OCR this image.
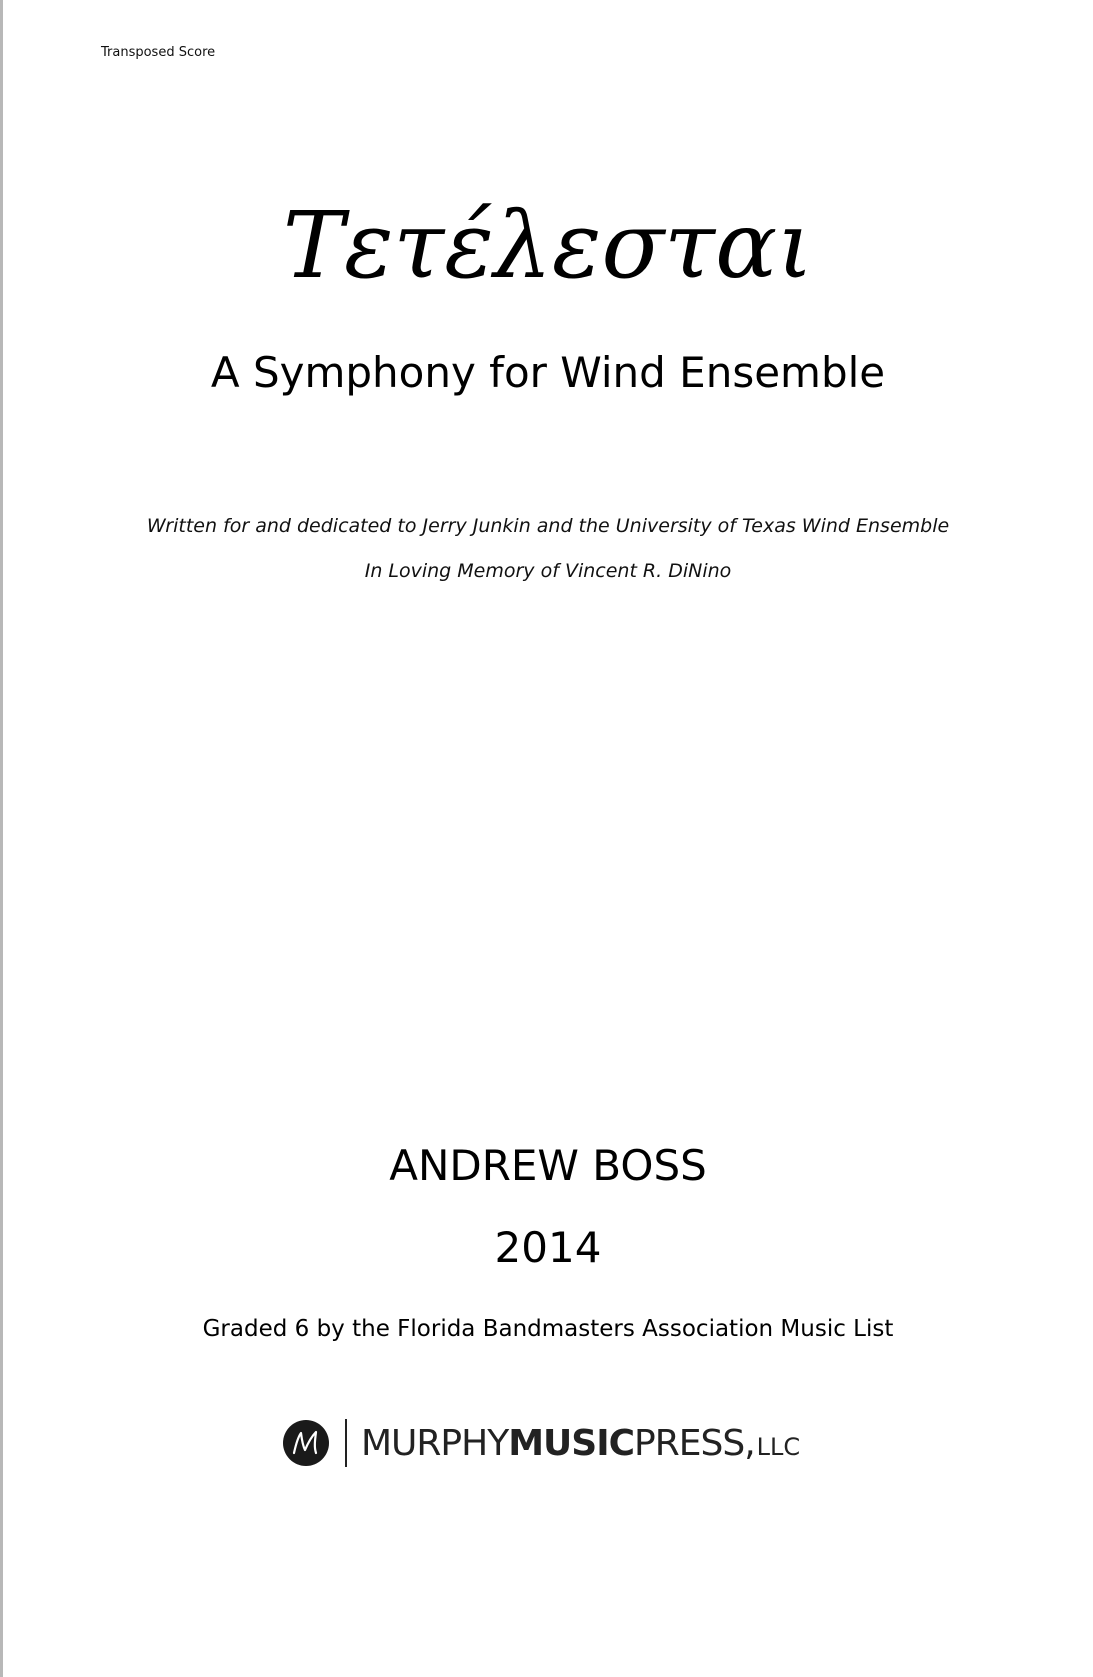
Transposed Score
Τετέλεσται
A Symphony for Wind Ensemble
Written for and dedicated to Jerry Junkin and the University of Texas Wind Ensemble
In Loving Memory of Vincent R. DiNino
ANDREW BOSS
2014
Graded 6 by the Florida Bandmasters Association Music List
MURPHYMUSICPRESS,LLC
